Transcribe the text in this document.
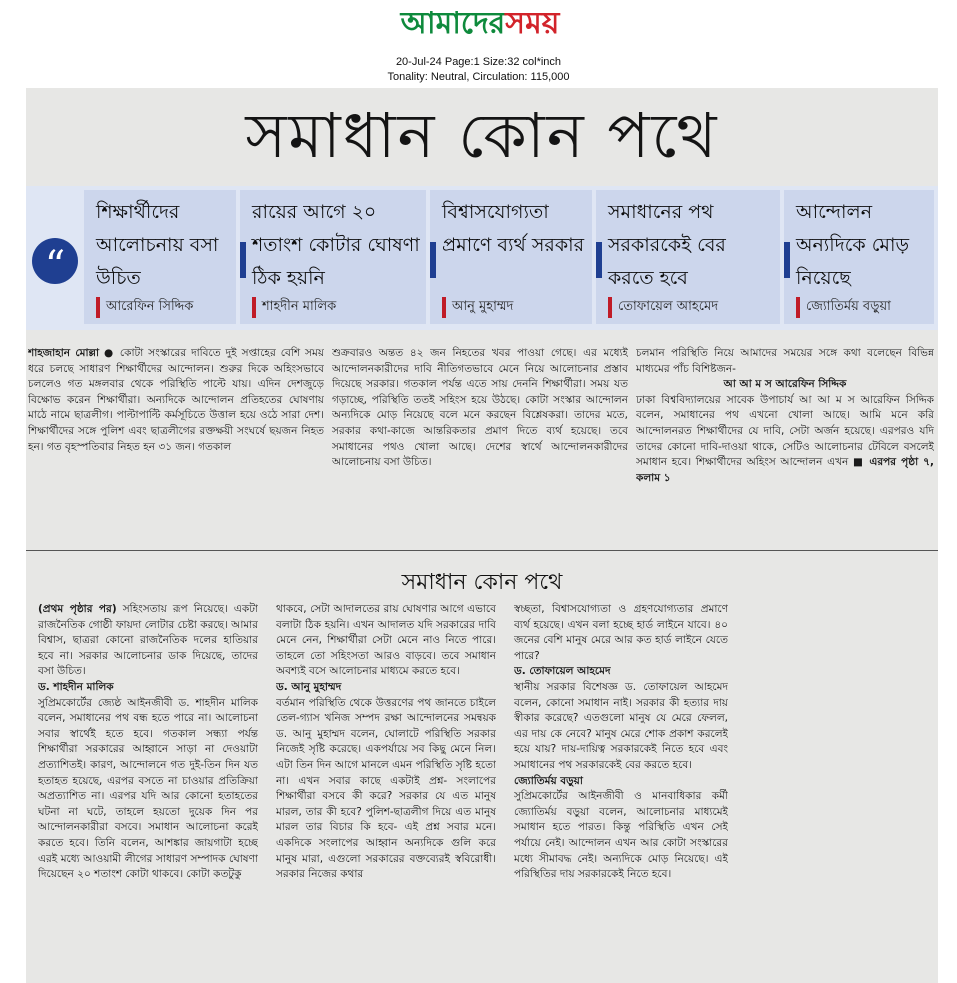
আমাদেরসময়
20-Jul-24 Page:1 Size:32 col*inch
Tonality: Neutral, Circulation: 115,000
সমাধান কোন পথে
“
শিক্ষার্থীদের আলোচনায় বসা উচিত
আরেফিন সিদ্দিক
রায়ের আগে ২০ শতাংশ কোটার ঘোষণা ঠিক হয়নি
শাহদীন মালিক
বিশ্বাসযোগ্যতা প্রমাণে ব্যর্থ সরকার
আনু মুহাম্মদ
সমাধানের পথ সরকারকেই বের করতে হবে
তোফায়েল আহমেদ
আন্দোলন অন্যদিকে মোড় নিয়েছে
জ্যোতির্ময় বড়ুয়া
শাহজাহান মোল্লা ● কোটা সংস্কারের দাবিতে দুই সপ্তাহের বেশি সময় ধরে চলছে সাধারণ শিক্ষার্থীদের আন্দোলন। শুরুর দিকে অহিংসভাবে চললেও গত মঙ্গলবার থেকে পরিস্থিতি পাল্টে যায়। এদিন দেশজুড়ে বিক্ষোভ করেন শিক্ষার্থীরা। অন্যদিকে আন্দোলন প্রতিহতের ঘোষণায় মাঠে নামে ছাত্রলীগ। পাল্টাপাল্টি কর্মসূচিতে উত্তাল হয়ে ওঠে সারা দেশ। শিক্ষার্থীদের সঙ্গে পুলিশ এবং ছাত্রলীগের রক্তক্ষয়ী সংঘর্ষে ছয়জন নিহত হন। গত বৃহস্পতিবার নিহত হন ৩১ জন। গতকাল
শুক্রবারও অন্তত ৪২ জন নিহতের খবর পাওয়া গেছে। এর মধ্যেই আন্দোলনকারীদের দাবি নীতিগতভাবে মেনে নিয়ে আলোচনার প্রস্তাব দিয়েছে সরকার। গতকাল পর্যন্ত এতে সায় দেননি শিক্ষার্থীরা। সময় যত গড়াচ্ছে, পরিস্থিতি ততই সহিংস হয়ে উঠছে। কোটা সংস্কার আন্দোলন অন্যদিকে মোড় নিয়েছে বলে মনে করছেন বিশ্লেষকরা। তাদের মতে, সরকার কথা-কাজে আন্তরিকতার প্রমাণ দিতে ব্যর্থ হয়েছে। তবে সমাধানের পথও খোলা আছে। দেশের স্বার্থে আন্দোলনকারীদের আলোচনায় বসা উচিত।
চলমান পরিস্থিতি নিয়ে আমাদের সময়ের সঙ্গে কথা বলেছেন বিভিন্ন মাধ্যমের পাঁচ বিশিষ্টজন-
আ আ ম স আরেফিন সিদ্দিক
ঢাকা বিশ্ববিদ্যালয়ের সাবেক উপাচার্য আ আ ম স আরেফিন সিদ্দিক বলেন, সমাধানের পথ এখনো খোলা আছে। আমি মনে করি আন্দোলনরত শিক্ষার্থীদের যে দাবি, সেটা অর্জন হয়েছে। এরপরও যদি তাদের কোনো দাবি-দাওয়া থাকে, সেটিও আলোচনার টেবিলে বসলেই সমাধান হবে। শিক্ষার্থীদের অহিংস আন্দোলন এখন ■ এরপর পৃষ্ঠা ৭, কলাম ১
সমাধান কোন পথে
(প্রথম পৃষ্ঠার পর) সহিংসতায় রূপ নিয়েছে। একটা রাজনৈতিক গোষ্ঠী ফায়দা লোটার চেষ্টা করছে। আমার বিশ্বাস, ছাত্ররা কোনো রাজনৈতিক দলের হাতিয়ার হবে না। সরকার আলোচনার ডাক দিয়েছে, তাদের বসা উচিত।
ড. শাহদীন মালিক
সুপ্রিমকোর্টের জ্যেষ্ঠ আইনজীবী ড. শাহদীন মালিক বলেন, সমাধানের পথ বন্ধ হতে পারে না। আলোচনা সবার স্বার্থেই হতে হবে। গতকাল সন্ধ্যা পর্যন্ত শিক্ষার্থীরা সরকারের আহ্বানে সাড়া না দেওয়াটা প্রত্যাশিতই। কারণ, আন্দোলনে গত দুই-তিন দিন যত হতাহত হয়েছে, এরপর বসতে না চাওয়ার প্রতিক্রিয়া অপ্রত্যাশিত না। এরপর যদি আর কোনো হতাহতের ঘটনা না ঘটে, তাহলে হয়তো দুয়েক দিন পর আন্দোলনকারীরা বসবে। সমাধান আলোচনা করেই করতে হবে। তিনি বলেন, আশঙ্কার জায়গাটা হচ্ছে এরই মধ্যে আওয়ামী লীগের সাধারণ সম্পাদক ঘোষণা দিয়েছেন ২০ শতাংশ কোটা থাকবে। কোটা কতটুকু
থাকবে, সেটা আদালতের রায় ঘোষণার আগে এভাবে বলাটা ঠিক হয়নি। এখন আদালত যদি সরকারের দাবি মেনে নেন, শিক্ষার্থীরা সেটা মেনে নাও নিতে পারে। তাহলে তো সহিংসতা আরও বাড়বে। তবে সমাধান অবশ্যই বসে আলোচনার মাধ্যমে করতে হবে।
ড. আনু মুহাম্মদ
বর্তমান পরিস্থিতি থেকে উত্তরণের পথ জানতে চাইলে তেল-গ্যাস খনিজ সম্পদ রক্ষা আন্দোলনের সমন্বয়ক ড. আনু মুহাম্মদ বলেন, ঘোলাটে পরিস্থিতি সরকার নিজেই সৃষ্টি করেছে। একপর্যায়ে সব কিছু মেনে নিল। এটা তিন দিন আগে মানলে এমন পরিস্থিতি সৃষ্টি হতো না। এখন সবার কাছে একটাই প্রশ্ন- সংলাপের শিক্ষার্থীরা বসবে কী করে? সরকার যে এত মানুষ মারল, তার কী হবে? পুলিশ-ছাত্রলীগ দিয়ে এত মানুষ মারল তার বিচার কি হবে- এই প্রশ্ন সবার মনে। একদিকে সংলাপের আহ্বান অন্যদিকে গুলি করে মানুষ মারা, এগুলো সরকারের বক্তব্যেরই স্ববিরোধী। সরকার নিজের কথার
স্বচ্ছতা, বিশ্বাসযোগ্যতা ও গ্রহণযোগ্যতার প্রমাণে ব্যর্থ হয়েছে। এখন বলা হচ্ছে হার্ড লাইনে যাবে। ৪০ জনের বেশি মানুষ মেরে আর কত হার্ড লাইনে যেতে পারে?
ড. তোফায়েল আহমেদ
স্থানীয় সরকার বিশেষজ্ঞ ড. তোফায়েল আহমেদ বলেন, কোনো সমাধান নাই। সরকার কী হত্যার দায় স্বীকার করেছে? এতগুলো মানুষ যে মেরে ফেলল, এর দায় কে নেবে? মানুষ মেরে শোক প্রকাশ করলেই হয়ে যায়? দায়-দায়িত্ব সরকারকেই নিতে হবে এবং সমাধানের পথ সরকারকেই বের করতে হবে।
জ্যোতির্ময় বড়ুয়া
সুপ্রিমকোর্টের আইনজীবী ও মানবাধিকার কর্মী জ্যোতির্ময় বড়ুয়া বলেন, আলোচনার মাধ্যমেই সমাধান হতে পারত। কিন্তু পরিস্থিতি এখন সেই পর্যায়ে নেই। আন্দোলন এখন আর কোটা সংস্কারের মধ্যে সীমাবদ্ধ নেই। অন্যদিকে মোড় নিয়েছে। এই পরিস্থিতির দায় সরকারকেই নিতে হবে।
